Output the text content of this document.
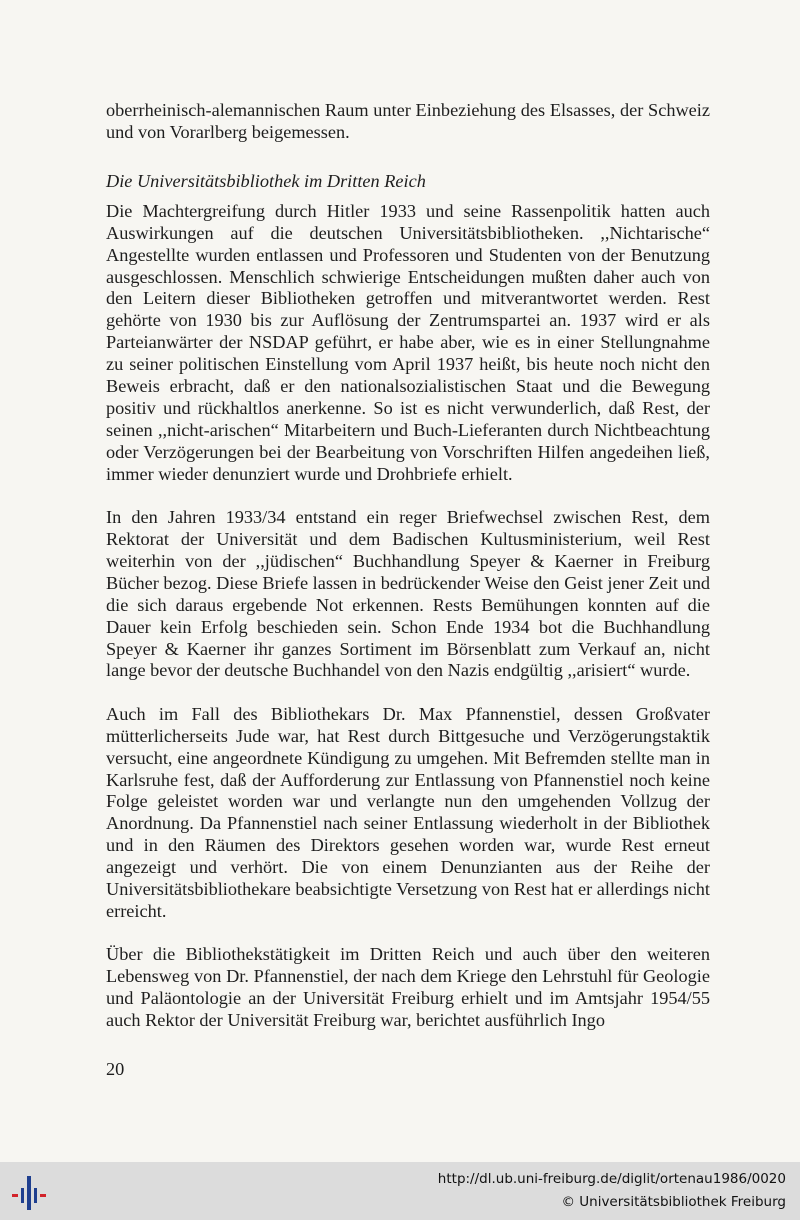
oberrheinisch-alemannischen Raum unter Einbeziehung des Elsasses, der Schweiz und von Vorarlberg beigemessen.

Die Universitätsbibliothek im Dritten Reich

Die Machtergreifung durch Hitler 1933 und seine Rassenpolitik hatten auch Auswirkungen auf die deutschen Universitätsbibliotheken. ,,Nichtarische“ Angestellte wurden entlassen und Professoren und Studenten von der Benutzung ausgeschlossen. Menschlich schwierige Entscheidungen mußten daher auch von den Leitern dieser Bibliotheken getroffen und mitverantwortet werden. Rest gehörte von 1930 bis zur Auflösung der Zentrumspartei an. 1937 wird er als Parteianwärter der NSDAP geführt, er habe aber, wie es in einer Stellungnahme zu seiner politischen Einstellung vom April 1937 heißt, bis heute noch nicht den Beweis erbracht, daß er den nationalsozialistischen Staat und die Bewegung positiv und rückhaltlos anerkenne. So ist es nicht verwunderlich, daß Rest, der seinen ,,nicht-arischen“ Mitarbeitern und Buch-Lieferanten durch Nichtbeachtung oder Verzögerungen bei der Bearbeitung von Vorschriften Hilfen angedeihen ließ, immer wieder denunziert wurde und Drohbriefe erhielt.

In den Jahren 1933/34 entstand ein reger Briefwechsel zwischen Rest, dem Rektorat der Universität und dem Badischen Kultusministerium, weil Rest weiterhin von der ,,jüdischen“ Buchhandlung Speyer & Kaerner in Freiburg Bücher bezog. Diese Briefe lassen in bedrückender Weise den Geist jener Zeit und die sich daraus ergebende Not erkennen. Rests Bemühungen konnten auf die Dauer kein Erfolg beschieden sein. Schon Ende 1934 bot die Buchhandlung Speyer & Kaerner ihr ganzes Sortiment im Börsenblatt zum Verkauf an, nicht lange bevor der deutsche Buchhandel von den Nazis endgültig ,,arisiert“ wurde.

Auch im Fall des Bibliothekars Dr. Max Pfannenstiel, dessen Großvater mütterlicherseits Jude war, hat Rest durch Bittgesuche und Verzögerungstaktik versucht, eine angeordnete Kündigung zu umgehen. Mit Befremden stellte man in Karlsruhe fest, daß der Aufforderung zur Entlassung von Pfannenstiel noch keine Folge geleistet worden war und verlangte nun den umgehenden Vollzug der Anordnung. Da Pfannenstiel nach seiner Entlassung wiederholt in der Bibliothek und in den Räumen des Direktors gesehen worden war, wurde Rest erneut angezeigt und verhört. Die von einem Denunzianten aus der Reihe der Universitätsbibliothekare beabsichtigte Versetzung von Rest hat er allerdings nicht erreicht.

Über die Bibliothekstätigkeit im Dritten Reich und auch über den weiteren Lebensweg von Dr. Pfannenstiel, der nach dem Kriege den Lehrstuhl für Geologie und Paläontologie an der Universität Freiburg erhielt und im Amtsjahr 1954/55 auch Rektor der Universität Freiburg war, berichtet ausführlich Ingo

20
http://dl.ub.uni-freiburg.de/diglit/ortenau1986/0020
© Universitätsbibliothek Freiburg
